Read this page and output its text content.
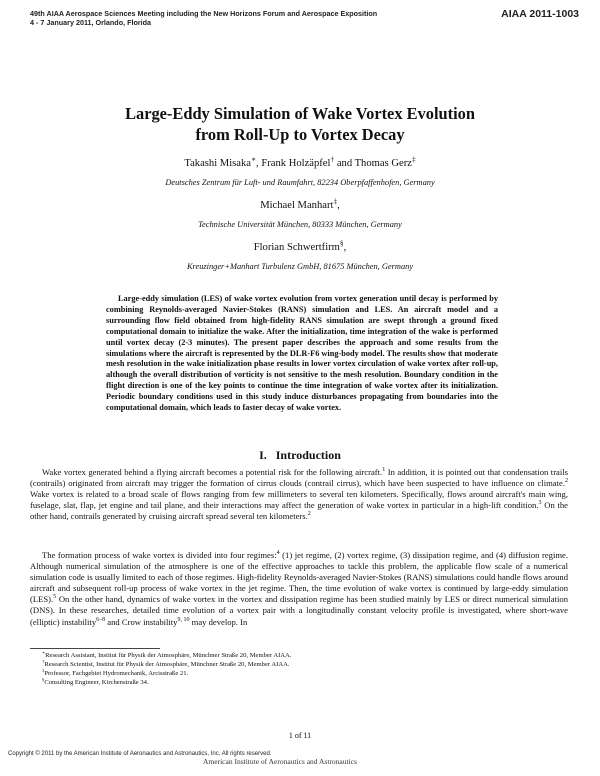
49th AIAA Aerospace Sciences Meeting including the New Horizons Forum and Aerospace Exposition
4 - 7 January 2011, Orlando, Florida
AIAA 2011-1003
Large-Eddy Simulation of Wake Vortex Evolution
from Roll-Up to Vortex Decay
Takashi Misaka∗, Frank Holzäpfel† and Thomas Gerz‡
Deutsches Zentrum für Luft- und Raumfahrt, 82234 Oberpfaffenhofen, Germany
Michael Manhart‡,
Technische Universität München, 80333 München, Germany
Florian Schwertfirm§,
Kreuzinger+Manhart Turbulenz GmbH, 81675 München, Germany
Large-eddy simulation (LES) of wake vortex evolution from vortex generation until decay is performed by combining Reynolds-averaged Navier-Stokes (RANS) simulation and LES. An aircraft model and a surrounding flow field obtained from high-fidelity RANS simulation are swept through a ground fixed computational domain to initialize the wake. After the initialization, time integration of the wake is performed until vortex decay (2-3 minutes). The present paper describes the approach and some results from the simulations where the aircraft is represented by the DLR-F6 wing-body model. The results show that moderate mesh resolution in the wake initialization phase results in lower vortex circulation of wake vortex after roll-up, although the overall distribution of vorticity is not sensitive to the mesh resolution. Boundary condition in the flight direction is one of the key points to continue the time integration of wake vortex after its initialization. Periodic boundary conditions used in this study induce disturbances propagating from boundaries into the computational domain, which leads to faster decay of wake vortex.
I. Introduction
Wake vortex generated behind a flying aircraft becomes a potential risk for the following aircraft.$^1$ In addition, it is pointed out that condensation trails (contrails) originated from aircraft may trigger the formation of cirrus clouds (contrail cirrus), which have been suspected to have influence on climate.$^2$ Wake vortex is related to a broad scale of flows ranging from few millimeters to several ten kilometers. Specifically, flows around aircraft's main wing, fuselage, slat, flap, jet engine and tail plane, and their interactions may affect the generation of wake vortex in particular in a high-lift condition.$^3$ On the other hand, contrails generated by cruising aircraft spread several ten kilometers.$^2$
The formation process of wake vortex is divided into four regimes:$^4$ (1) jet regime, (2) vortex regime, (3) dissipation regime, and (4) diffusion regime. Although numerical simulation of the atmosphere is one of the effective approaches to tackle this problem, the applicable flow scale of a numerical simulation code is usually limited to each of those regimes. High-fidelity Reynolds-averaged Navier-Stokes (RANS) simulations could handle flows around aircraft and subsequent roll-up process of wake vortex in the jet regime. Then, the time evolution of wake vortex is continued by large-eddy simulation (LES).$^5$ On the other hand, dynamics of wake vortex in the vortex and dissipation regime has been studied mainly by LES or direct numerical simulation (DNS). In these researches, detailed time evolution of a vortex pair with a longitudinally constant velocity profile is investigated, where short-wave (elliptic) instability$^{6-8}$ and Crow instability$^{9, 10}$ may develop. In
∗Research Assistant, Institut für Physik der Atmosphäre, Münchner Straße 20, Member AIAA.
†Research Scientist, Institut für Physik der Atmosphäre, Münchner Straße 20, Member AIAA.
‡Professor, Fachgebiet Hydromechanik, Arcisstraße 21.
§Consulting Engineer, Kirchenstraße 34.
1 of 11
American Institute of Aeronautics and Astronautics
Copyright © 2011 by the American Institute of Aeronautics and Astronautics, Inc. All rights reserved.
